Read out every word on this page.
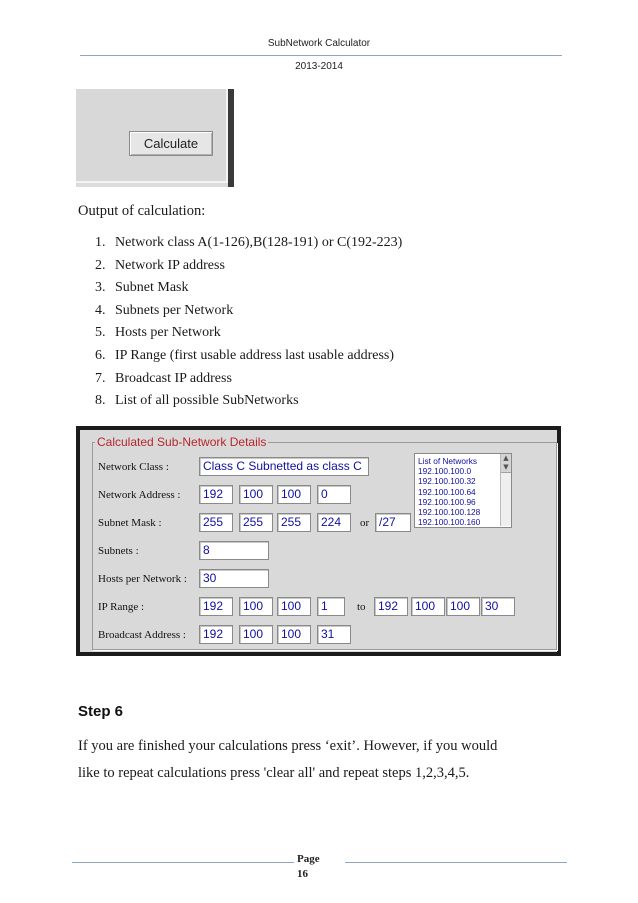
SubNetwork Calculator
2013-2014
Calculate
Output of calculation:
1. Network class A(1-126),B(128-191) or C(192-223)
2. Network IP address
3. Subnet Mask
4. Subnets per Network
5. Hosts per Network
6. IP Range (first usable address last usable address)
7. Broadcast IP address
8. List of all possible SubNetworks
Calculated Sub-Network Details
Network Class :	Class C Subnetted as class C
Network Address :	192	100	100	0
Subnet Mask :	255	255	255	224	or /27
Subnets :	8
Hosts per Network :	30
IP Range :	192	100	100	1	to	192	100	100	30
Broadcast Address :	192	100	100	31
List of Networks
192.100.100.0
192.100.100.32
192.100.100.64
192.100.100.96
192.100.100.128
192.100.100.160
▲
▼
Step 6
If you are finished your calculations press ‘exit’. However, if you would
like to repeat calculations press 'clear all' and repeat steps 1,2,3,4,5.
Page
16
